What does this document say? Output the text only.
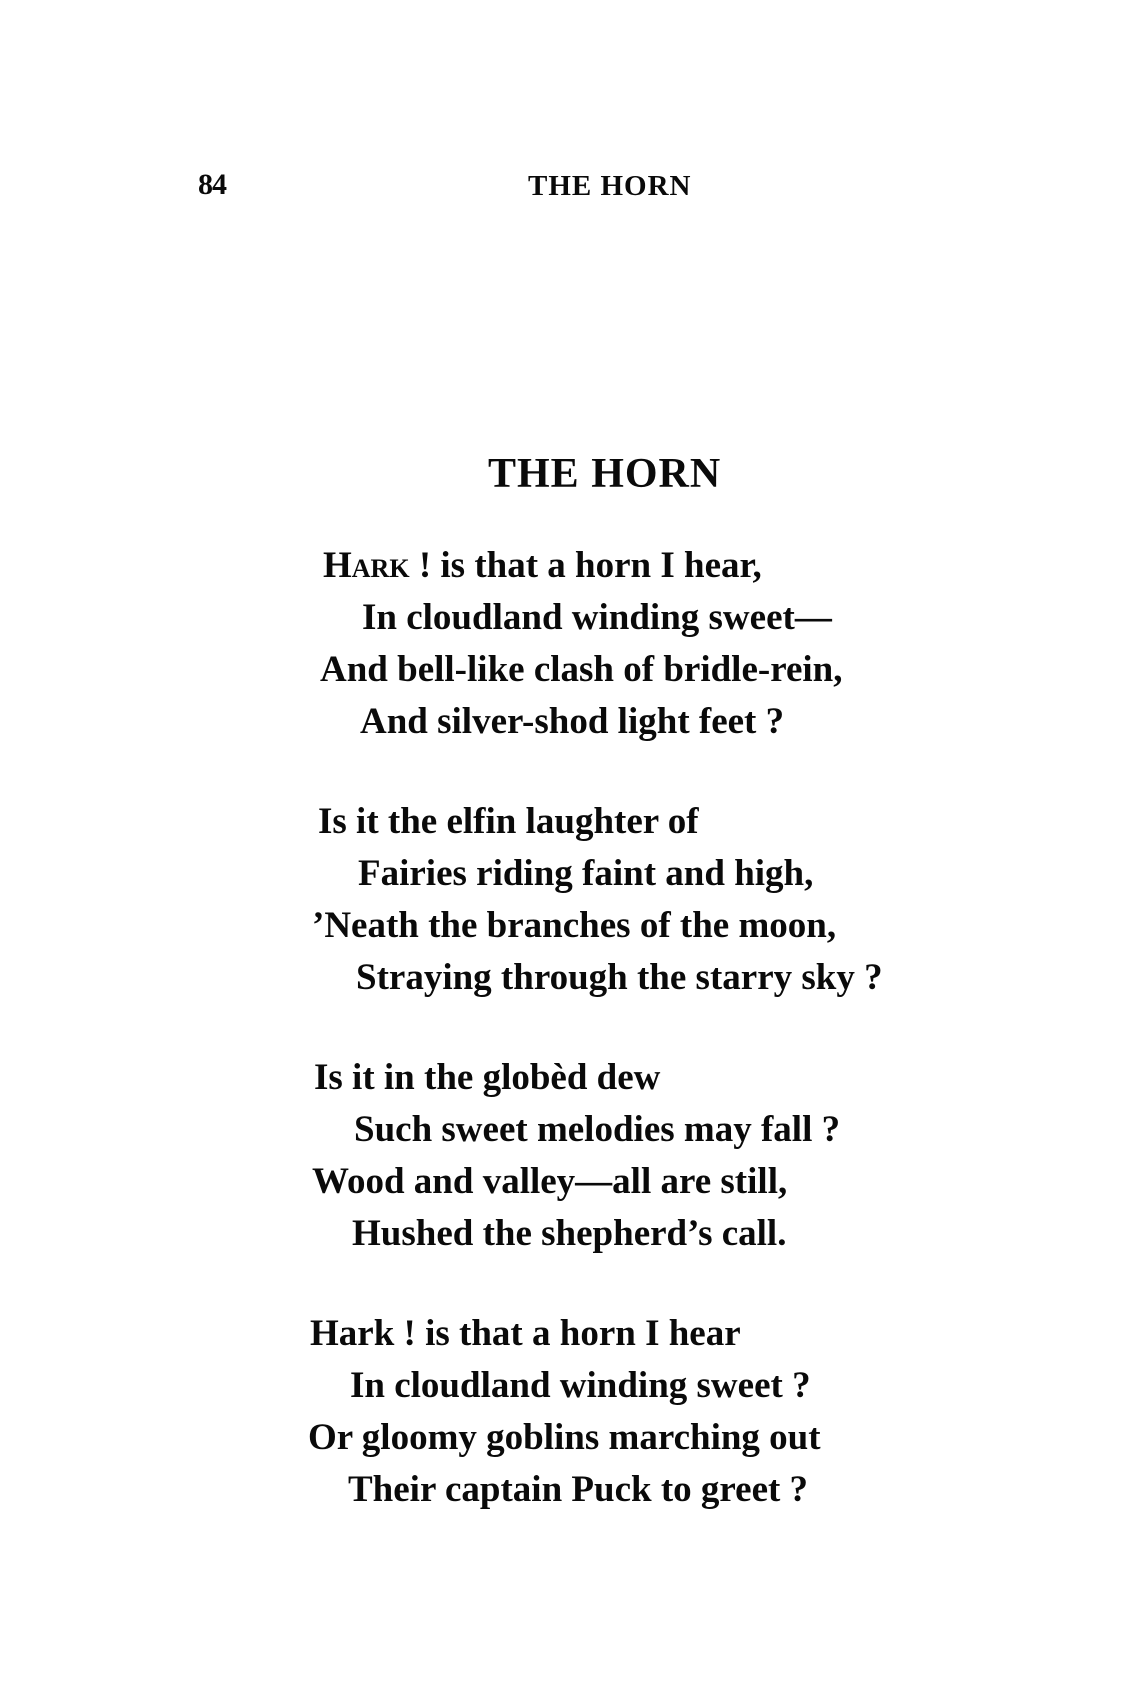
84	THE HORN
THE HORN
Hark ! is that a horn I hear,
In cloudland winding sweet—
And bell-like clash of bridle-rein,
And silver-shod light feet ?
Is it the elfin laughter of
Fairies riding faint and high,
’Neath the branches of the moon,
Straying through the starry sky ?
Is it in the globèd dew
Such sweet melodies may fall ?
Wood and valley—all are still,
Hushed the shepherd’s call.
Hark ! is that a horn I hear
In cloudland winding sweet ?
Or gloomy goblins marching out
Their captain Puck to greet ?
